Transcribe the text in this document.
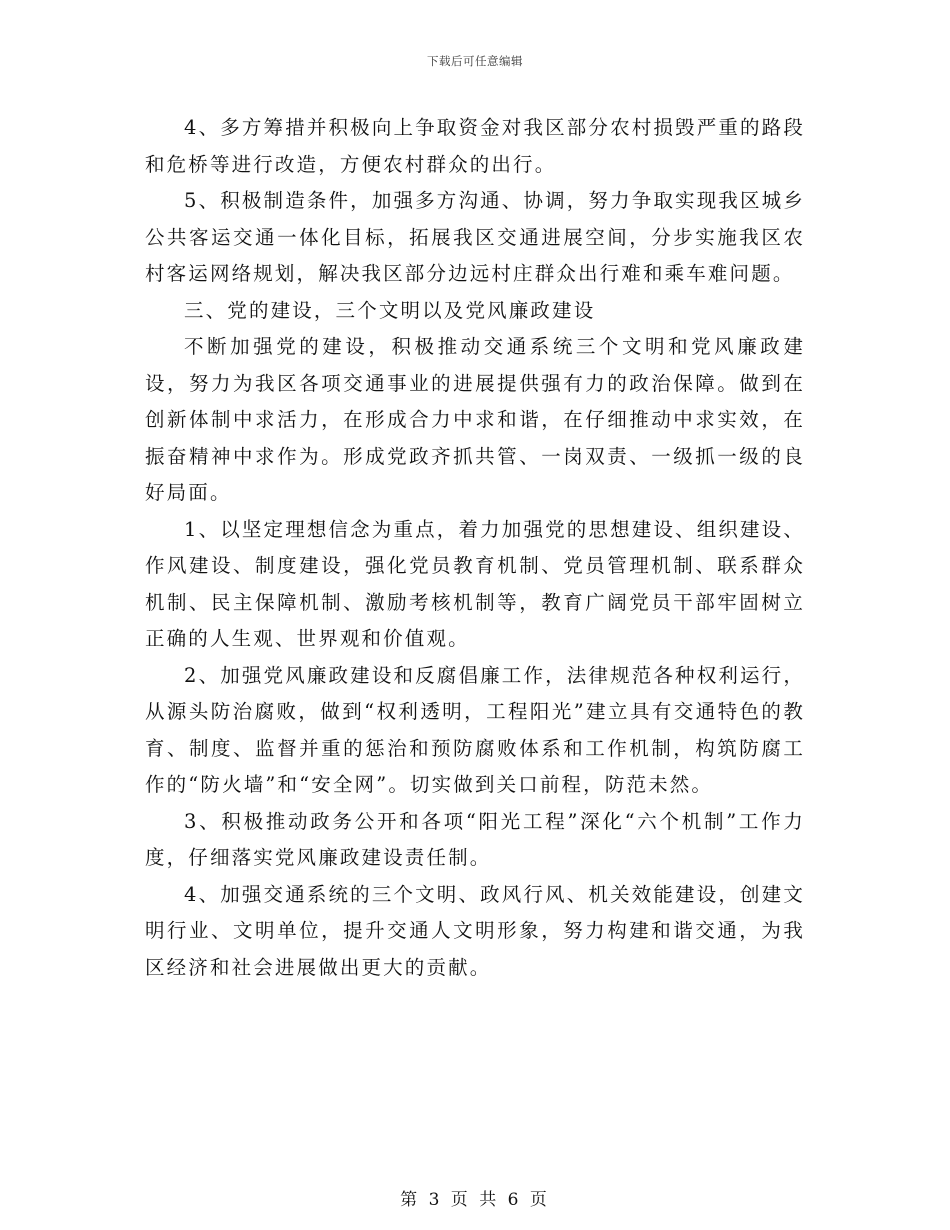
下载后可任意编辑

4、多方筹措并积极向上争取资金对我区部分农村损毁严重的路段和危桥等进行改造，方便农村群众的出行。

5、积极制造条件，加强多方沟通、协调，努力争取实现我区城乡公共客运交通一体化目标，拓展我区交通进展空间，分步实施我区农村客运网络规划，解决我区部分边远村庄群众出行难和乘车难问题。

三、党的建设，三个文明以及党风廉政建设

不断加强党的建设，积极推动交通系统三个文明和党风廉政建设，努力为我区各项交通事业的进展提供强有力的政治保障。做到在创新体制中求活力，在形成合力中求和谐，在仔细推动中求实效，在振奋精神中求作为。形成党政齐抓共管、一岗双责、一级抓一级的良好局面。

1、以坚定理想信念为重点，着力加强党的思想建设、组织建设、作风建设、制度建设，强化党员教育机制、党员管理机制、联系群众机制、民主保障机制、激励考核机制等，教育广阔党员干部牢固树立正确的人生观、世界观和价值观。

2、加强党风廉政建设和反腐倡廉工作，法律规范各种权利运行，从源头防治腐败，做到“权利透明，工程阳光”建立具有交通特色的教育、制度、监督并重的惩治和预防腐败体系和工作机制，构筑防腐工作的“防火墙”和“安全网”。切实做到关口前程，防范未然。

3、积极推动政务公开和各项“阳光工程”深化“六个机制”工作力度，仔细落实党风廉政建设责任制。

4、加强交通系统的三个文明、政风行风、机关效能建设，创建文明行业、文明单位，提升交通人文明形象，努力构建和谐交通，为我区经济和社会进展做出更大的贡献。

第 3 页 共 6 页
